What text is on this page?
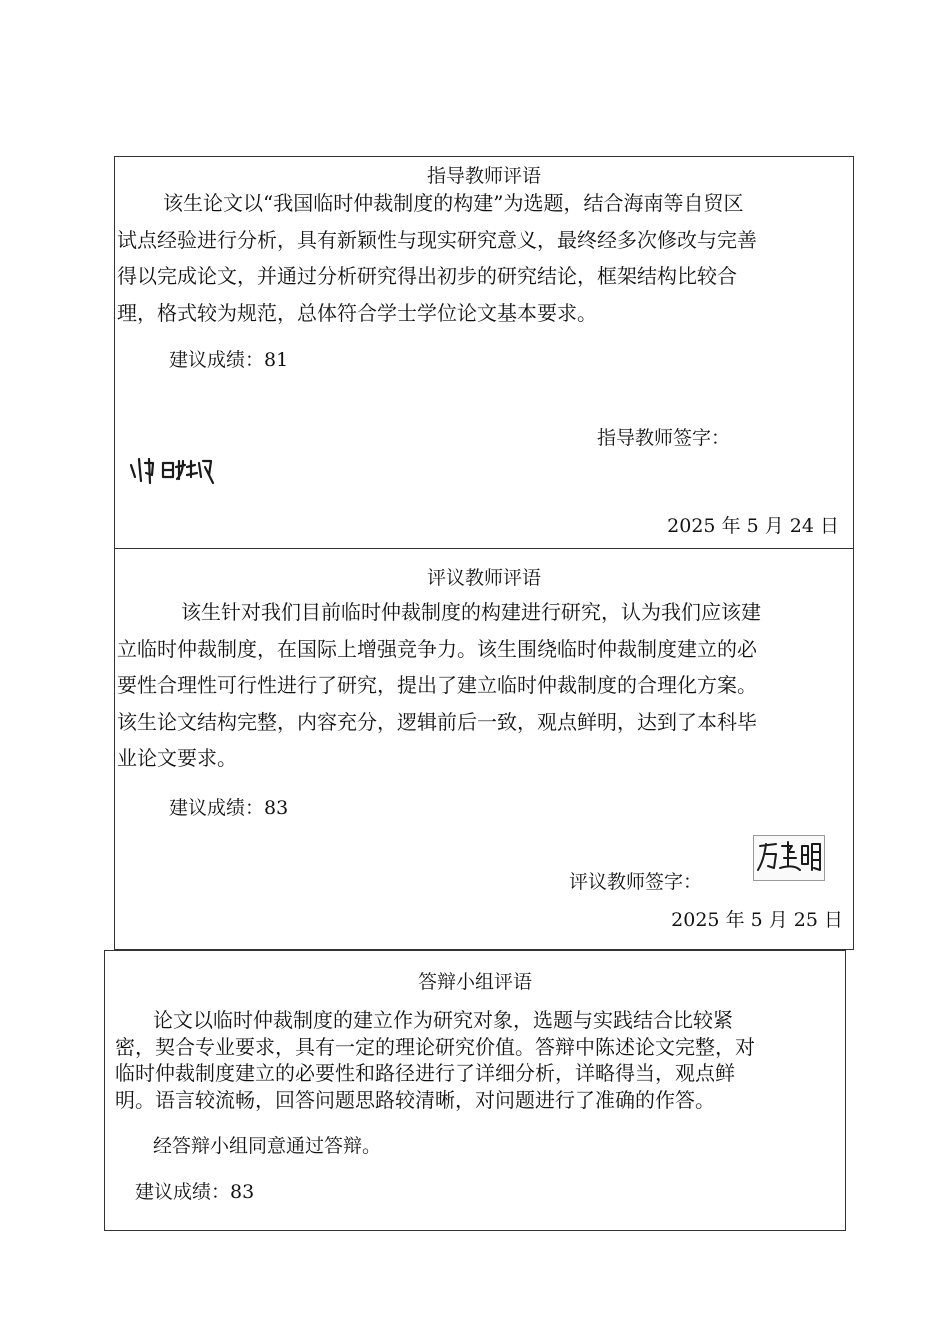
指导教师评语
该生论文以“我国临时仲裁制度的构建”为选题，结合海南等自贸区
试点经验进行分析，具有新颖性与现实研究意义，最终经多次修改与完善
得以完成论文，并通过分析研究得出初步的研究结论，框架结构比较合
理，格式较为规范，总体符合学士学位论文基本要求。
建议成绩：81
指导教师签字：
2025 年 5 月 24 日
评议教师评语
该生针对我们目前临时仲裁制度的构建进行研究，认为我们应该建
立临时仲裁制度，在国际上增强竞争力。该生围绕临时仲裁制度建立的必
要性合理性可行性进行了研究，提出了建立临时仲裁制度的合理化方案。
该生论文结构完整，内容充分，逻辑前后一致，观点鲜明，达到了本科毕
业论文要求。
建议成绩：83
评议教师签字：
2025 年 5 月 25 日
答辩小组评语
论文以临时仲裁制度的建立作为研究对象，选题与实践结合比较紧
密，契合专业要求，具有一定的理论研究价值。答辩中陈述论文完整，对
临时仲裁制度建立的必要性和路径进行了详细分析，详略得当，观点鲜
明。语言较流畅，回答问题思路较清晰，对问题进行了准确的作答。
经答辩小组同意通过答辩。
建议成绩：83
